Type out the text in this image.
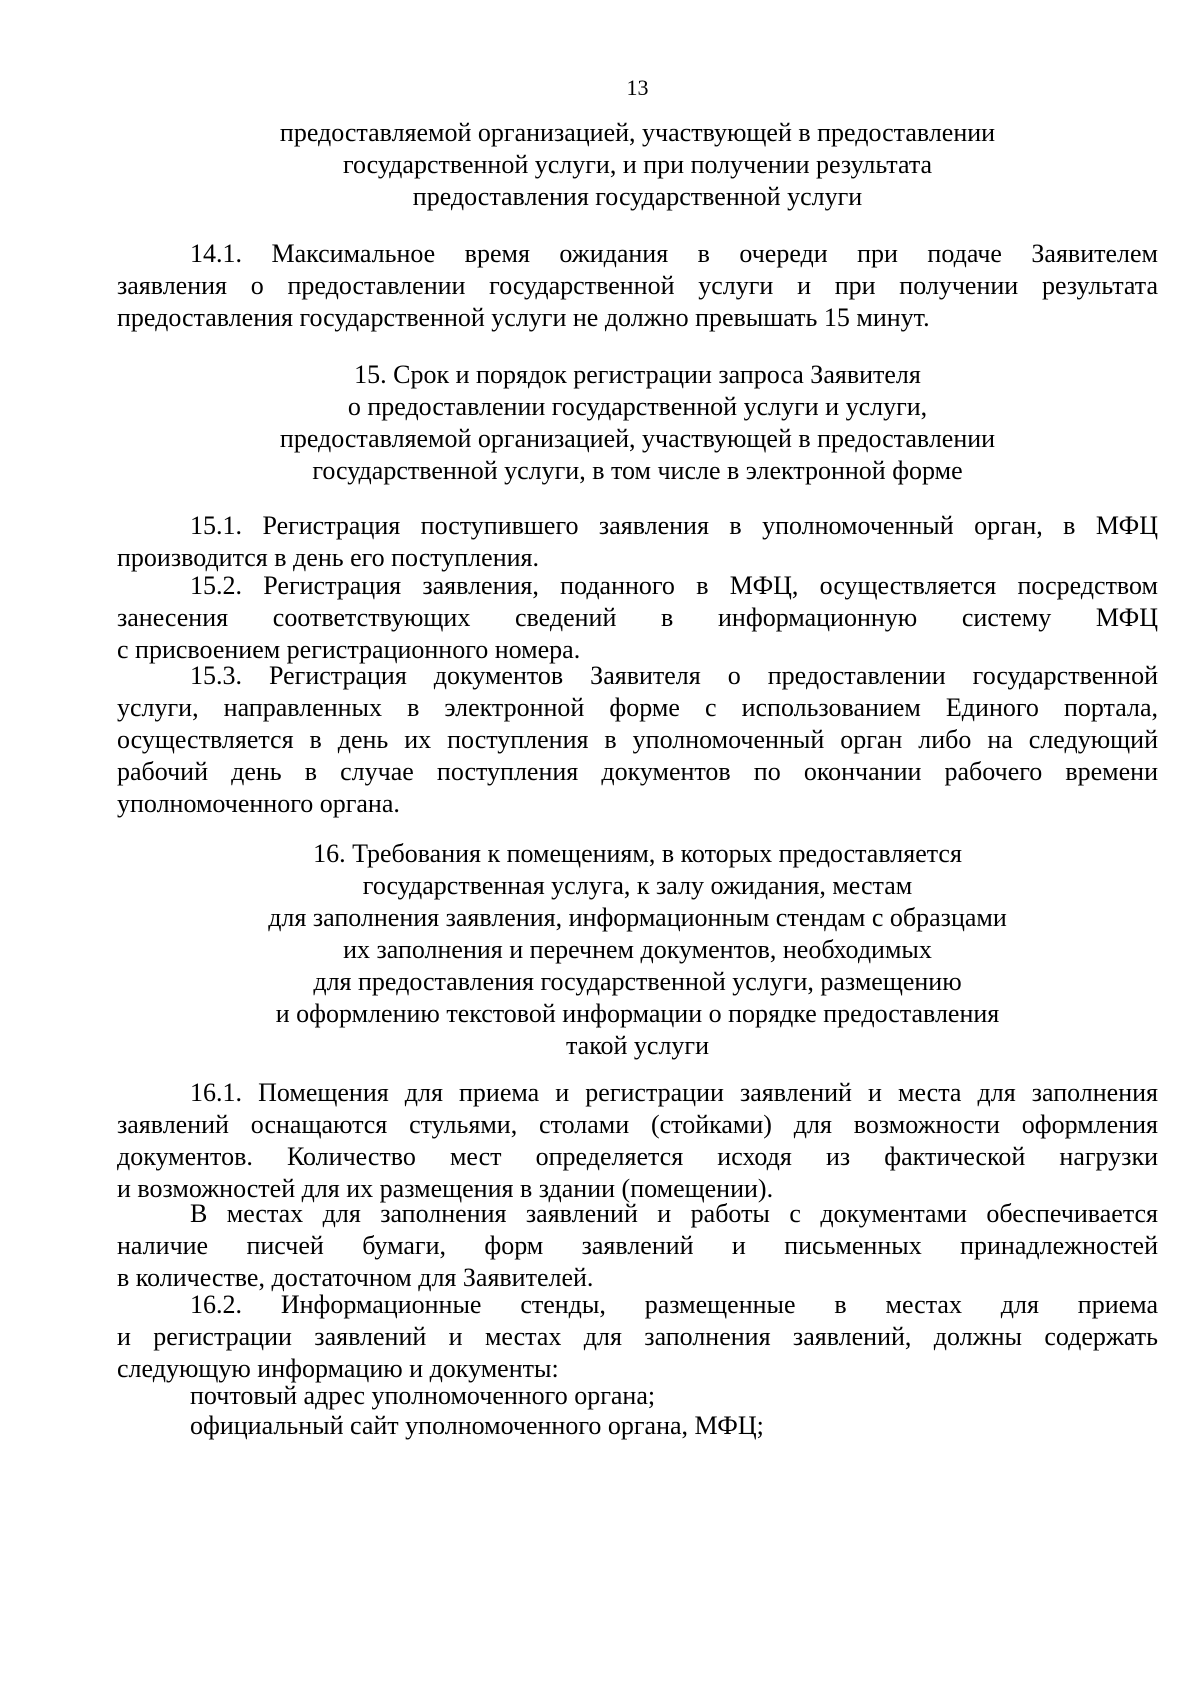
13
предоставляемой организацией, участвующей в предоставлении
государственной услуги, и при получении результата
предоставления государственной услуги
14.1. Максимальное время ожидания в очереди при подаче Заявителем
заявления о предоставлении государственной услуги и при получении результата
предоставления государственной услуги не должно превышать 15 минут.
15. Срок и порядок регистрации запроса Заявителя
о предоставлении государственной услуги и услуги,
предоставляемой организацией, участвующей в предоставлении
государственной услуги, в том числе в электронной форме
15.1. Регистрация поступившего заявления в уполномоченный орган, в МФЦ
производится в день его поступления.
15.2. Регистрация заявления, поданного в МФЦ, осуществляется посредством
занесения соответствующих сведений в информационную систему МФЦ
с присвоением регистрационного номера.
15.3. Регистрация документов Заявителя о предоставлении государственной
услуги, направленных в электронной форме с использованием Единого портала,
осуществляется в день их поступления в уполномоченный орган либо на следующий
рабочий день в случае поступления документов по окончании рабочего времени
уполномоченного органа.
16. Требования к помещениям, в которых предоставляется
государственная услуга, к залу ожидания, местам
для заполнения заявления, информационным стендам с образцами
их заполнения и перечнем документов, необходимых
для предоставления государственной услуги, размещению
и оформлению текстовой информации о порядке предоставления
такой услуги
16.1. Помещения для приема и регистрации заявлений и места для заполнения
заявлений оснащаются стульями, столами (стойками) для возможности оформления
документов. Количество мест определяется исходя из фактической нагрузки
и возможностей для их размещения в здании (помещении).
В местах для заполнения заявлений и работы с документами обеспечивается
наличие писчей бумаги, форм заявлений и письменных принадлежностей
в количестве, достаточном для Заявителей.
16.2. Информационные стенды, размещенные в местах для приема
и регистрации заявлений и местах для заполнения заявлений, должны содержать
следующую информацию и документы:
почтовый адрес уполномоченного органа;
официальный сайт уполномоченного органа, МФЦ;
